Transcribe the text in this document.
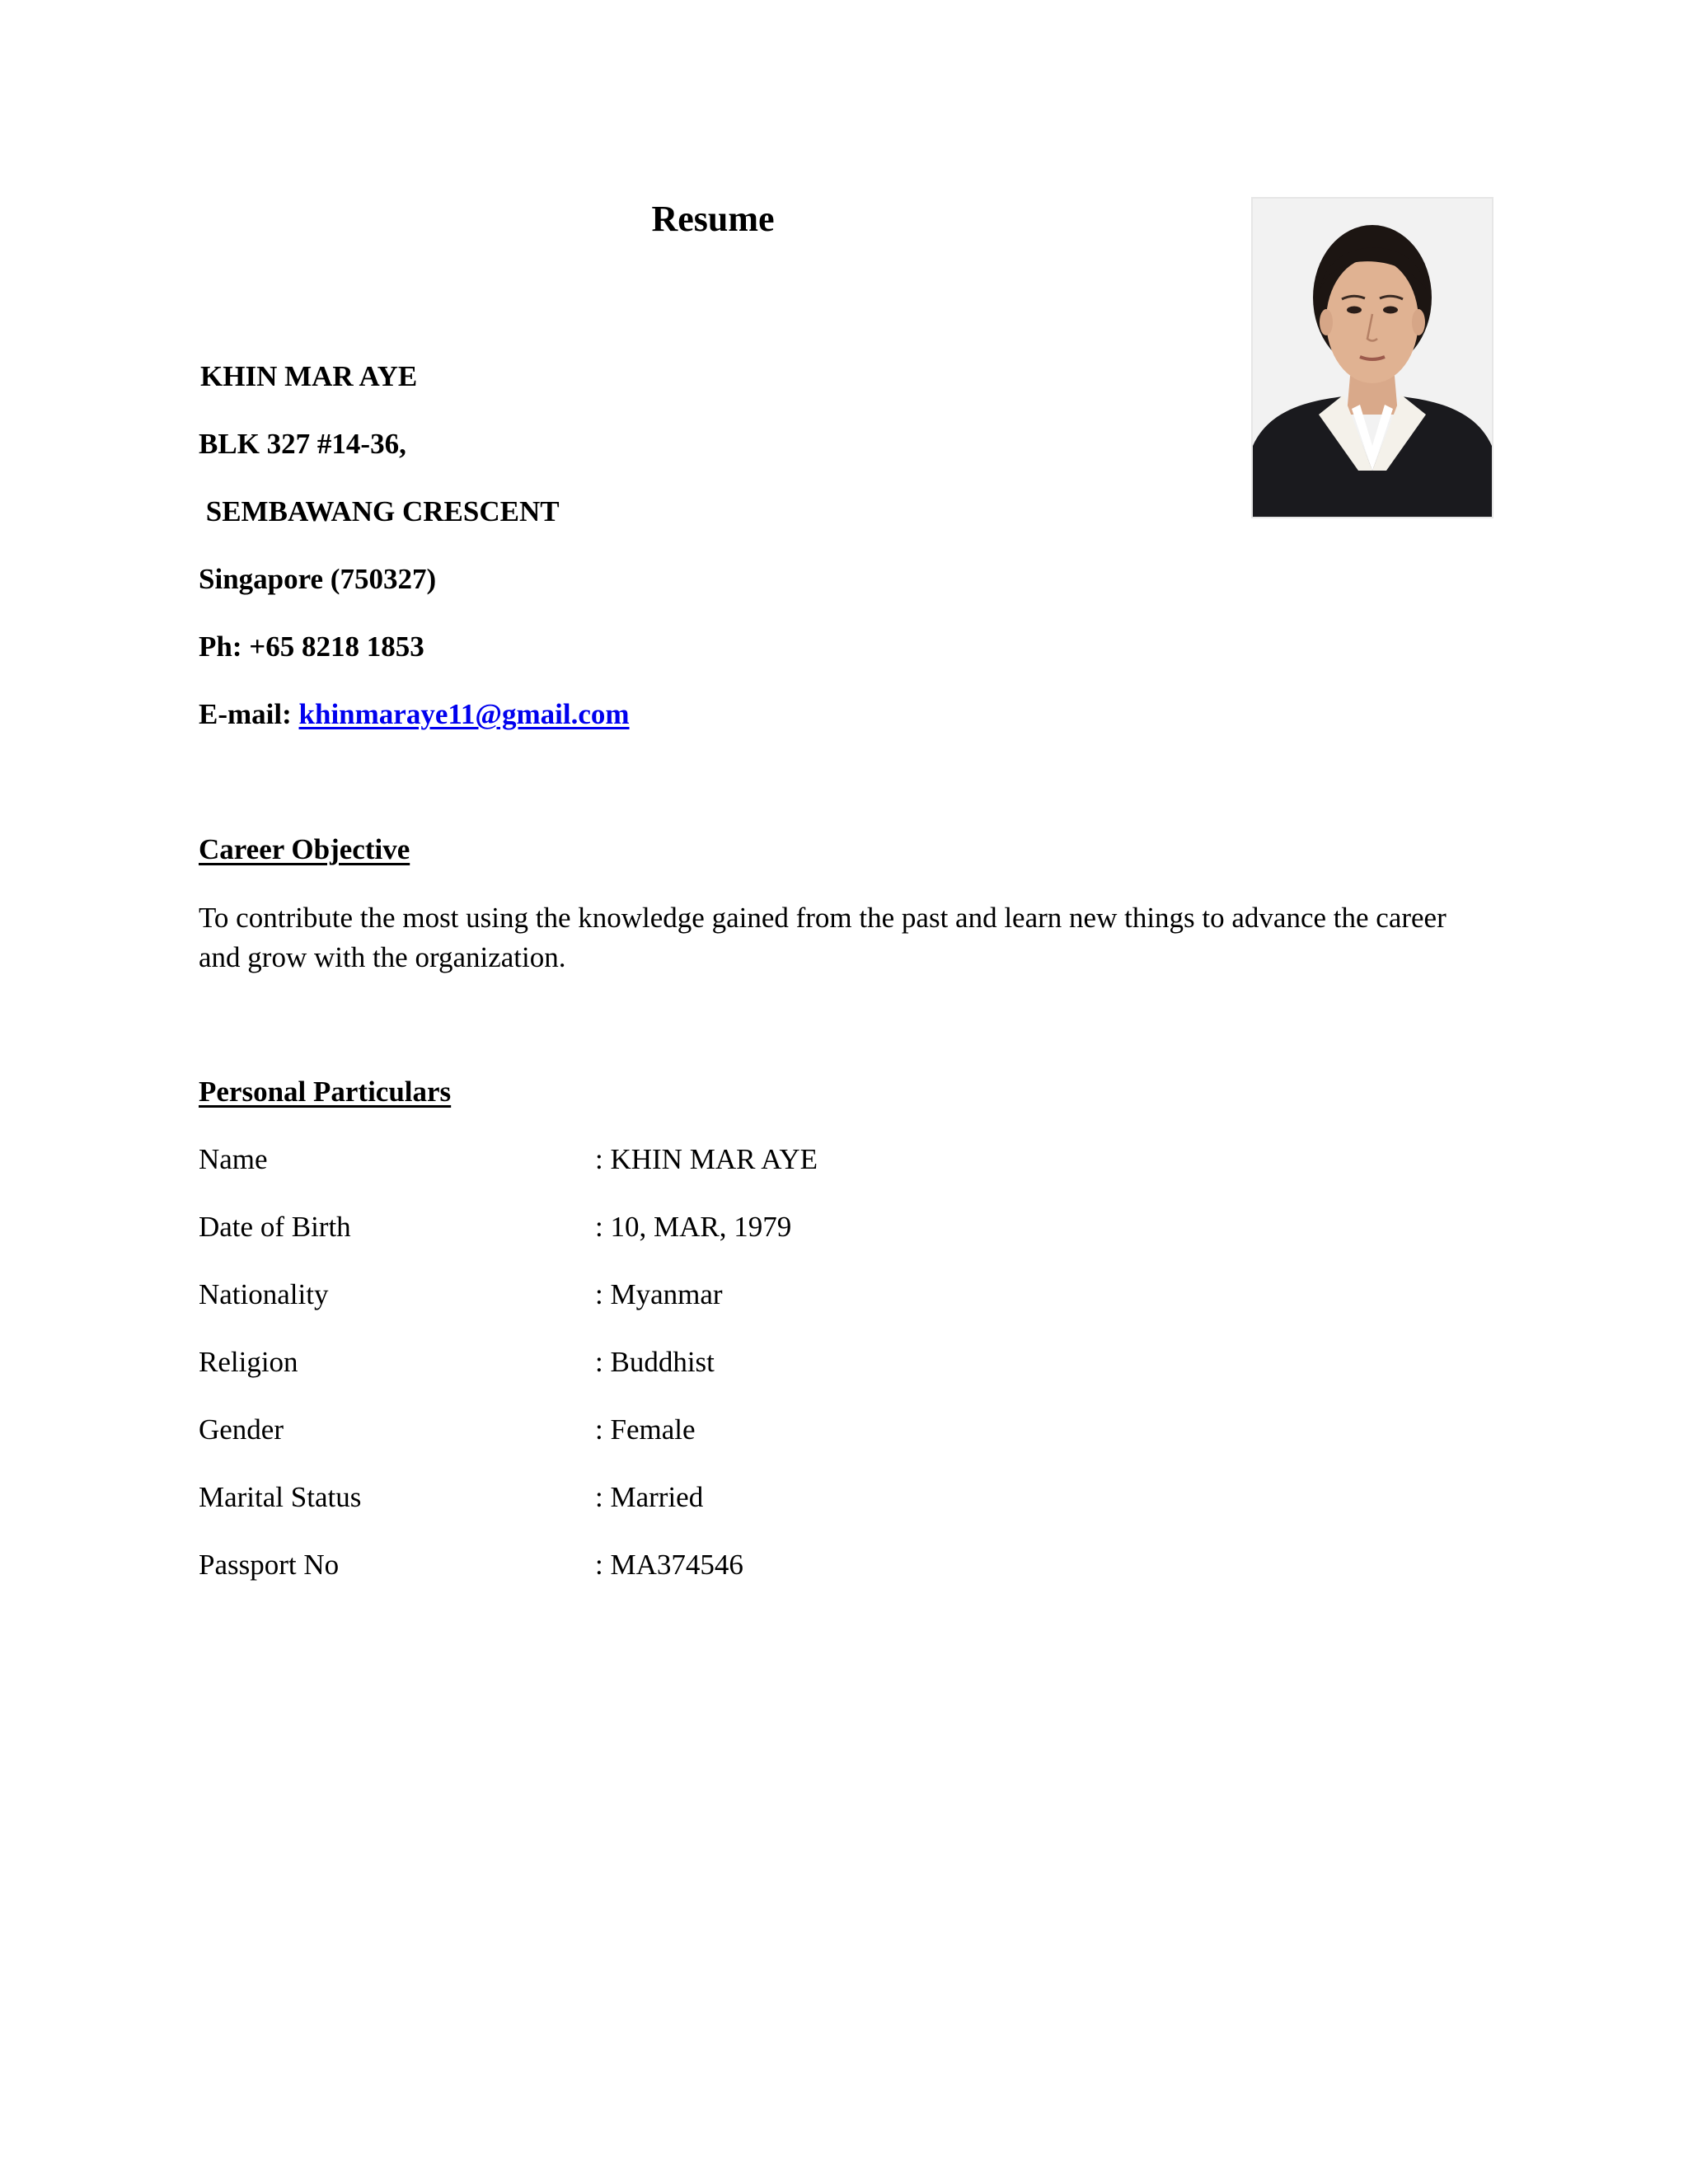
Resume
KHIN MAR AYE
BLK 327 #14-36,
SEMBAWANG CRESCENT
Singapore (750327)
Ph: +65 8218 1853
E-mail: khinmaraye11@gmail.com
Career Objective
To contribute the most using the knowledge gained from the past and learn new things to advance the career and grow with the organization.
Personal Particulars
Name	: KHIN MAR AYE
Date of Birth	: 10, MAR, 1979
Nationality	: Myanmar
Religion	: Buddhist
Gender	: Female
Marital Status	: Married
Passport No	: MA374546
